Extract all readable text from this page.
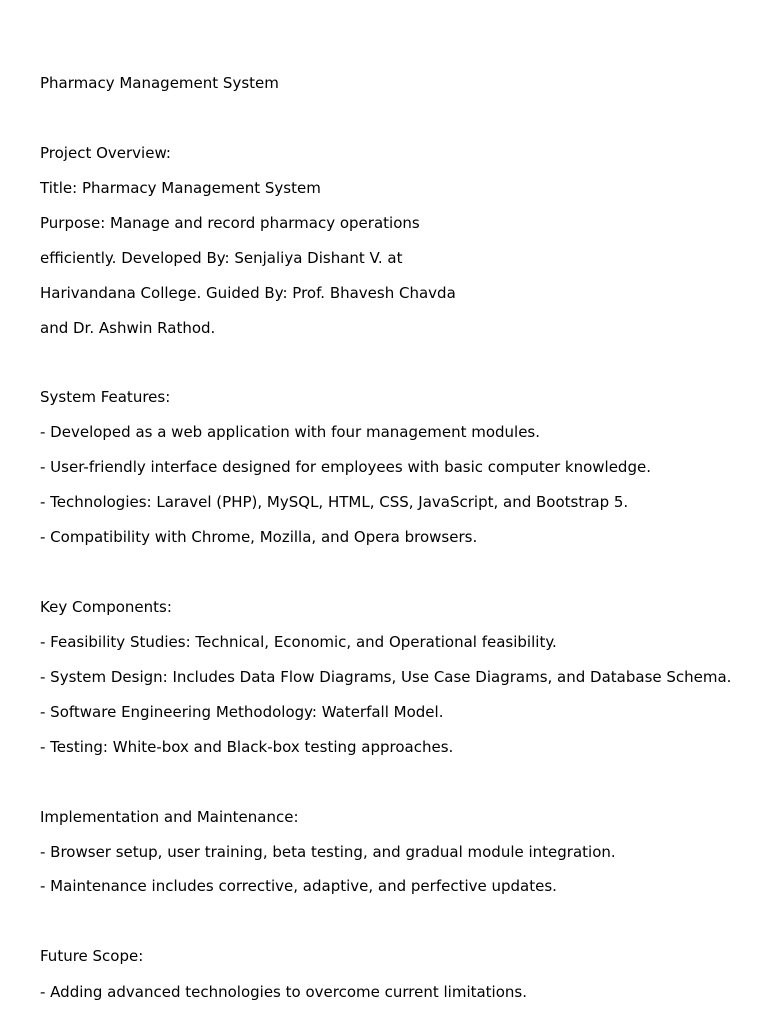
Pharmacy Management System
Project Overview:
Title: Pharmacy Management System
Purpose: Manage and record pharmacy operations
efficiently. Developed By: Senjaliya Dishant V. at
Harivandana College. Guided By: Prof. Bhavesh Chavda
and Dr. Ashwin Rathod.
System Features:
- Developed as a web application with four management modules.
- User-friendly interface designed for employees with basic computer knowledge.
- Technologies: Laravel (PHP), MySQL, HTML, CSS, JavaScript, and Bootstrap 5.
- Compatibility with Chrome, Mozilla, and Opera browsers.
Key Components:
- Feasibility Studies: Technical, Economic, and Operational feasibility.
- System Design: Includes Data Flow Diagrams, Use Case Diagrams, and Database Schema.
- Software Engineering Methodology: Waterfall Model.
- Testing: White-box and Black-box testing approaches.
Implementation and Maintenance:
- Browser setup, user training, beta testing, and gradual module integration.
- Maintenance includes corrective, adaptive, and perfective updates.
Future Scope:
- Adding advanced technologies to overcome current limitations.
